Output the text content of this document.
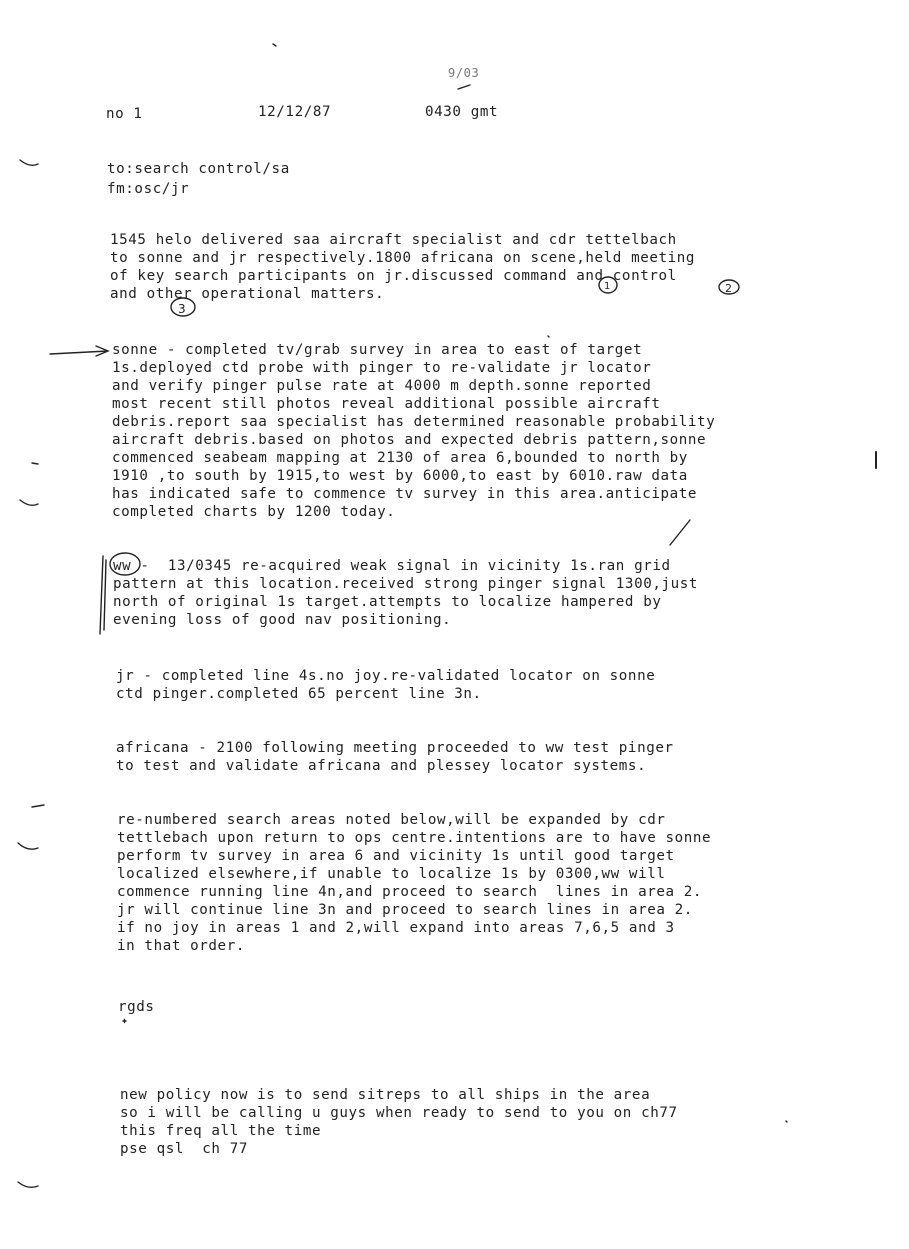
9/03
no 1	12/12/87	0430 gmt
to:search control/sa
fm:osc/jr
1545 helo delivered saa aircraft specialist and cdr tettelbach
to sonne and jr respectively.1800 africana on scene,held meeting
of key search participants on jr.discussed command and control
and other operational matters.
sonne - completed tv/grab survey in area to east of target
1s.deployed ctd probe with pinger to re-validate jr locator
and verify pinger pulse rate at 4000 m depth.sonne reported
most recent still photos reveal additional possible aircraft
debris.report saa specialist has determined reasonable probability
aircraft debris.based on photos and expected debris pattern,sonne
commenced seabeam mapping at 2130 of area 6,bounded to north by
1910 ,to south by 1915,to west by 6000,to east by 6010.raw data
has indicated safe to commence tv survey in this area.anticipate
completed charts by 1200 today.
ww -  13/0345 re-acquired weak signal in vicinity 1s.ran grid
pattern at this location.received strong pinger signal 1300,just
north of original 1s target.attempts to localize hampered by
evening loss of good nav positioning.
jr - completed line 4s.no joy.re-validated locator on sonne
ctd pinger.completed 65 percent line 3n.
africana - 2100 following meeting proceeded to ww test pinger
to test and validate africana and plessey locator systems.
re-numbered search areas noted below,will be expanded by cdr
tettlebach upon return to ops centre.intentions are to have sonne
perform tv survey in area 6 and vicinity 1s until good target
localized elsewhere,if unable to localize 1s by 0300,ww will
commence running line 4n,and proceed to search  lines in area 2.
jr will continue line 3n and proceed to search lines in area 2.
if no joy in areas 1 and 2,will expand into areas 7,6,5 and 3
in that order.
rgds
new policy now is to send sitreps to all ships in the area
so i will be calling u guys when ready to send to you on ch77
this freq all the time
pse qsl  ch 77
1	2
3
